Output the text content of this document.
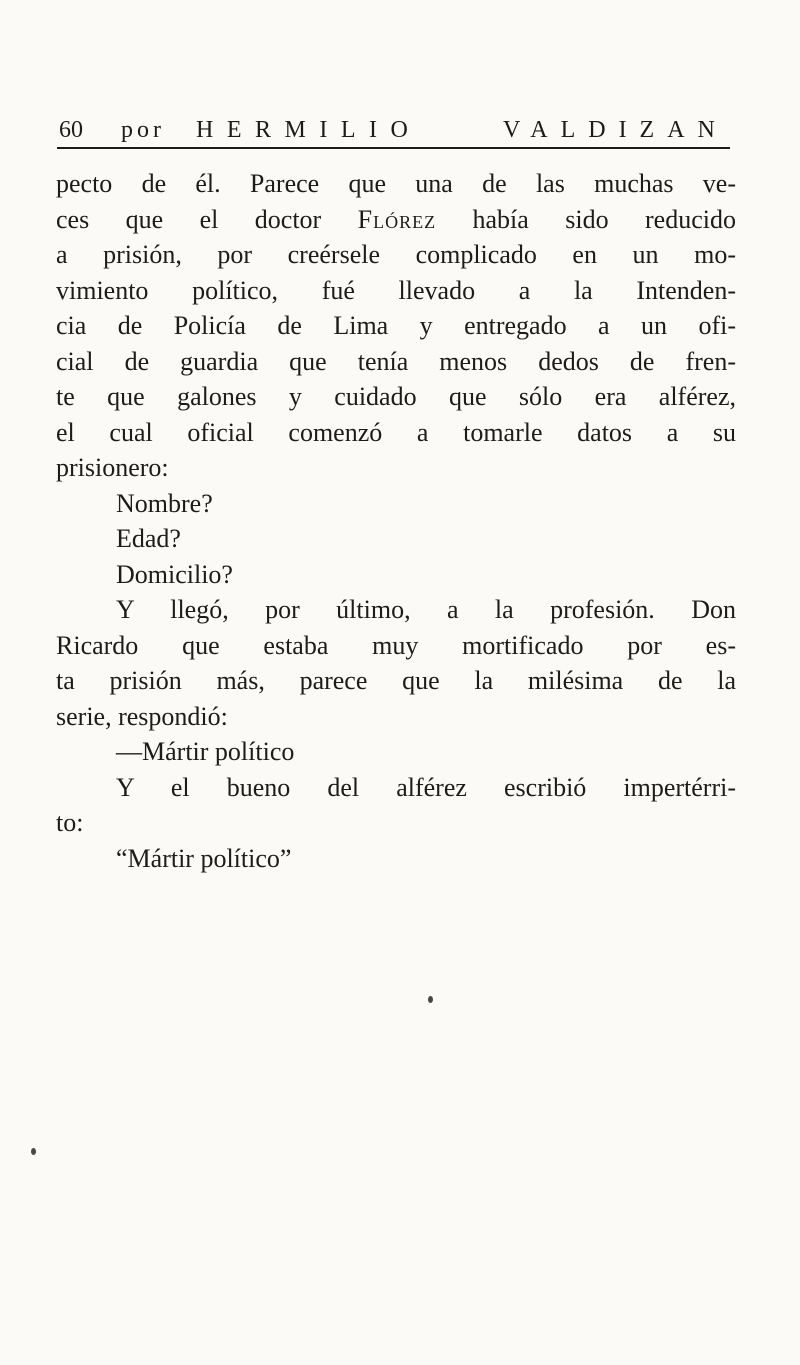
60 por HERMILIO	VALDIZAN
pecto de él. Parece que una de las muchas ve-
ces que el doctor Flórez había sido reducido
a prisión, por creérsele complicado en un mo-
vimiento político, fué llevado a la Intenden-
cia de Policía de Lima y entregado a un ofi-
cial de guardia que tenía menos dedos de fren-
te que galones y cuidado que sólo era alférez,
el cual oficial comenzó a tomarle datos a su
prisionero:
Nombre?
Edad?
Domicilio?
Y llegó, por último, a la profesión. Don
Ricardo que estaba muy mortificado por es-
ta prisión más, parece que la milésima de la
serie, respondió:
—Mártir político
Y el bueno del alférez escribió impertérri-
to:
“Mártir político”
